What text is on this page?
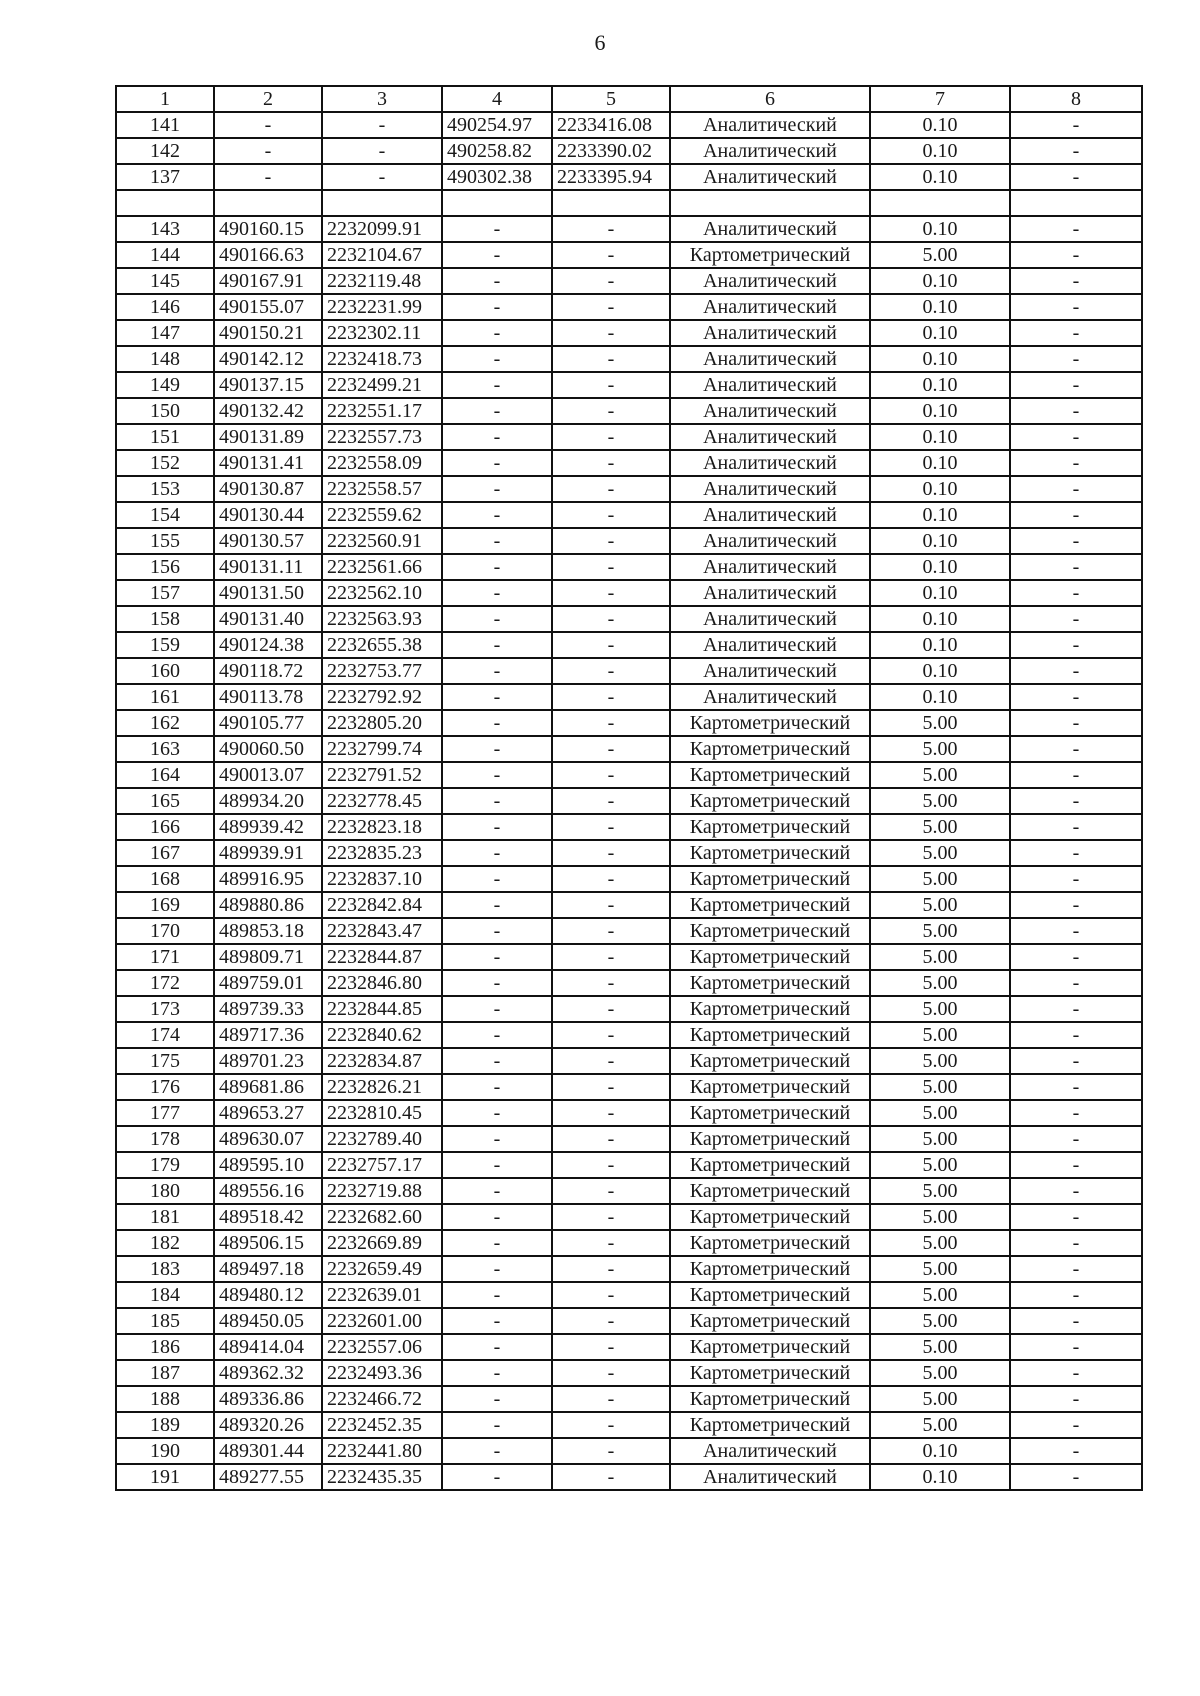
6
1	2	3	4	5	6	7	8
141	-	-	490254.97	2233416.08	Аналитический	0.10	-
142	-	-	490258.82	2233390.02	Аналитический	0.10	-
137	-	-	490302.38	2233395.94	Аналитический	0.10	-

143	490160.15	2232099.91	-	-	Аналитический	0.10	-
144	490166.63	2232104.67	-	-	Картометрический	5.00	-
145	490167.91	2232119.48	-	-	Аналитический	0.10	-
146	490155.07	2232231.99	-	-	Аналитический	0.10	-
147	490150.21	2232302.11	-	-	Аналитический	0.10	-
148	490142.12	2232418.73	-	-	Аналитический	0.10	-
149	490137.15	2232499.21	-	-	Аналитический	0.10	-
150	490132.42	2232551.17	-	-	Аналитический	0.10	-
151	490131.89	2232557.73	-	-	Аналитический	0.10	-
152	490131.41	2232558.09	-	-	Аналитический	0.10	-
153	490130.87	2232558.57	-	-	Аналитический	0.10	-
154	490130.44	2232559.62	-	-	Аналитический	0.10	-
155	490130.57	2232560.91	-	-	Аналитический	0.10	-
156	490131.11	2232561.66	-	-	Аналитический	0.10	-
157	490131.50	2232562.10	-	-	Аналитический	0.10	-
158	490131.40	2232563.93	-	-	Аналитический	0.10	-
159	490124.38	2232655.38	-	-	Аналитический	0.10	-
160	490118.72	2232753.77	-	-	Аналитический	0.10	-
161	490113.78	2232792.92	-	-	Аналитический	0.10	-
162	490105.77	2232805.20	-	-	Картометрический	5.00	-
163	490060.50	2232799.74	-	-	Картометрический	5.00	-
164	490013.07	2232791.52	-	-	Картометрический	5.00	-
165	489934.20	2232778.45	-	-	Картометрический	5.00	-
166	489939.42	2232823.18	-	-	Картометрический	5.00	-
167	489939.91	2232835.23	-	-	Картометрический	5.00	-
168	489916.95	2232837.10	-	-	Картометрический	5.00	-
169	489880.86	2232842.84	-	-	Картометрический	5.00	-
170	489853.18	2232843.47	-	-	Картометрический	5.00	-
171	489809.71	2232844.87	-	-	Картометрический	5.00	-
172	489759.01	2232846.80	-	-	Картометрический	5.00	-
173	489739.33	2232844.85	-	-	Картометрический	5.00	-
174	489717.36	2232840.62	-	-	Картометрический	5.00	-
175	489701.23	2232834.87	-	-	Картометрический	5.00	-
176	489681.86	2232826.21	-	-	Картометрический	5.00	-
177	489653.27	2232810.45	-	-	Картометрический	5.00	-
178	489630.07	2232789.40	-	-	Картометрический	5.00	-
179	489595.10	2232757.17	-	-	Картометрический	5.00	-
180	489556.16	2232719.88	-	-	Картометрический	5.00	-
181	489518.42	2232682.60	-	-	Картометрический	5.00	-
182	489506.15	2232669.89	-	-	Картометрический	5.00	-
183	489497.18	2232659.49	-	-	Картометрический	5.00	-
184	489480.12	2232639.01	-	-	Картометрический	5.00	-
185	489450.05	2232601.00	-	-	Картометрический	5.00	-
186	489414.04	2232557.06	-	-	Картометрический	5.00	-
187	489362.32	2232493.36	-	-	Картометрический	5.00	-
188	489336.86	2232466.72	-	-	Картометрический	5.00	-
189	489320.26	2232452.35	-	-	Картометрический	5.00	-
190	489301.44	2232441.80	-	-	Аналитический	0.10	-
191	489277.55	2232435.35	-	-	Аналитический	0.10	-
